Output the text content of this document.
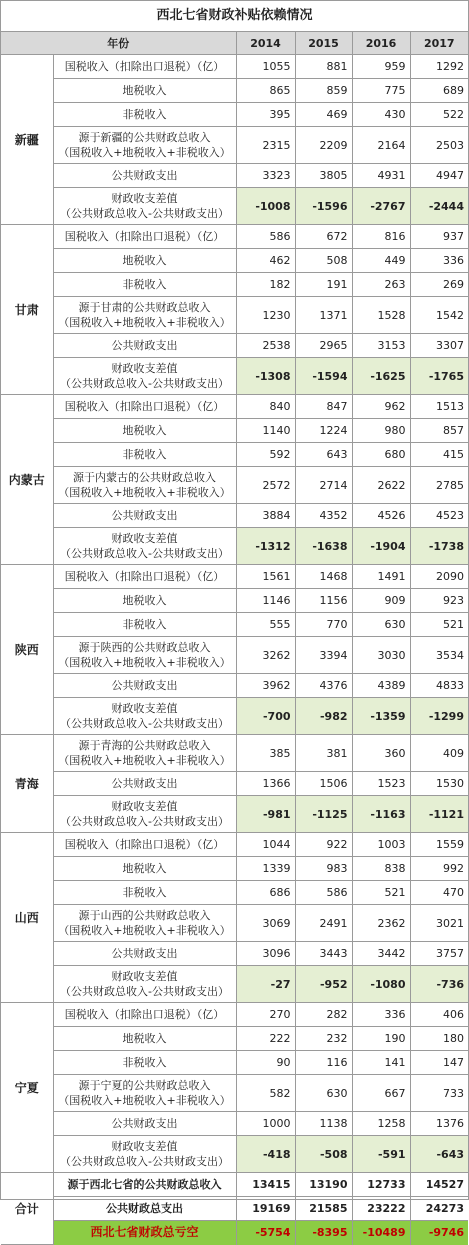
西北七省财政补贴依赖情况
年份		2014	2015	2016	2017
新疆	国税收入（扣除出口退税）（亿）	1055	881	959	1292

	地税收入	865	859	775	689

	非税收入	395	469	430	522

	源于新疆的公共财政总收入
（国税收入+地税收入+非税收入）	2315	2209	2164	2503

	公共财政支出	3323	3805	4931	4947

	财政收支差值
（公共财政总收入-公共财政支出）	-1008	-1596	-2767	-2444
甘肃	国税收入（扣除出口退税）（亿）	586	672	816	937

	地税收入	462	508	449	336

	非税收入	182	191	263	269

	源于甘肃的公共财政总收入
（国税收入+地税收入+非税收入）	1230	1371	1528	1542

	公共财政支出	2538	2965	3153	3307

	财政收支差值
（公共财政总收入-公共财政支出）	-1308	-1594	-1625	-1765
内蒙古	国税收入（扣除出口退税）（亿）	840	847	962	1513

	地税收入	1140	1224	980	857

	非税收入	592	643	680	415

	源于内蒙古的公共财政总收入
（国税收入+地税收入+非税收入）	2572	2714	2622	2785

	公共财政支出	3884	4352	4526	4523

	财政收支差值
（公共财政总收入-公共财政支出）	-1312	-1638	-1904	-1738
陕西	国税收入（扣除出口退税）（亿）	1561	1468	1491	2090

	地税收入	1146	1156	909	923

	非税收入	555	770	630	521

	源于陕西的公共财政总收入
（国税收入+地税收入+非税收入）	3262	3394	3030	3534

	公共财政支出	3962	4376	4389	4833

	财政收支差值
（公共财政总收入-公共财政支出）	-700	-982	-1359	-1299
青海	源于青海的公共财政总收入
（国税收入+地税收入+非税收入）	385	381	360	409

	公共财政支出	1366	1506	1523	1530

	财政收支差值
（公共财政总收入-公共财政支出）	-981	-1125	-1163	-1121
山西	国税收入（扣除出口退税）（亿）	1044	922	1003	1559

	地税收入	1339	983	838	992

	非税收入	686	586	521	470

	源于山西的公共财政总收入
（国税收入+地税收入+非税收入）	3069	2491	2362	3021

	公共财政支出	3096	3443	3442	3757

	财政收支差值
（公共财政总收入-公共财政支出）	-27	-952	-1080	-736
宁夏	国税收入（扣除出口退税）（亿）	270	282	336	406

	地税收入	222	232	190	180

	非税收入	90	116	141	147

	源于宁夏的公共财政总收入
（国税收入+地税收入+非税收入）	582	630	667	733

	公共财政支出	1000	1138	1258	1376

	财政收支差值
（公共财政总收入-公共财政支出）	-418	-508	-591	-643
合计	源于西北七省的公共财政总收入	13415	13190	12733	14527

	公共财政总支出	19169	21585	23222	24273
	西北七省财政总亏空	-5754	-8395	-10489	-9746
